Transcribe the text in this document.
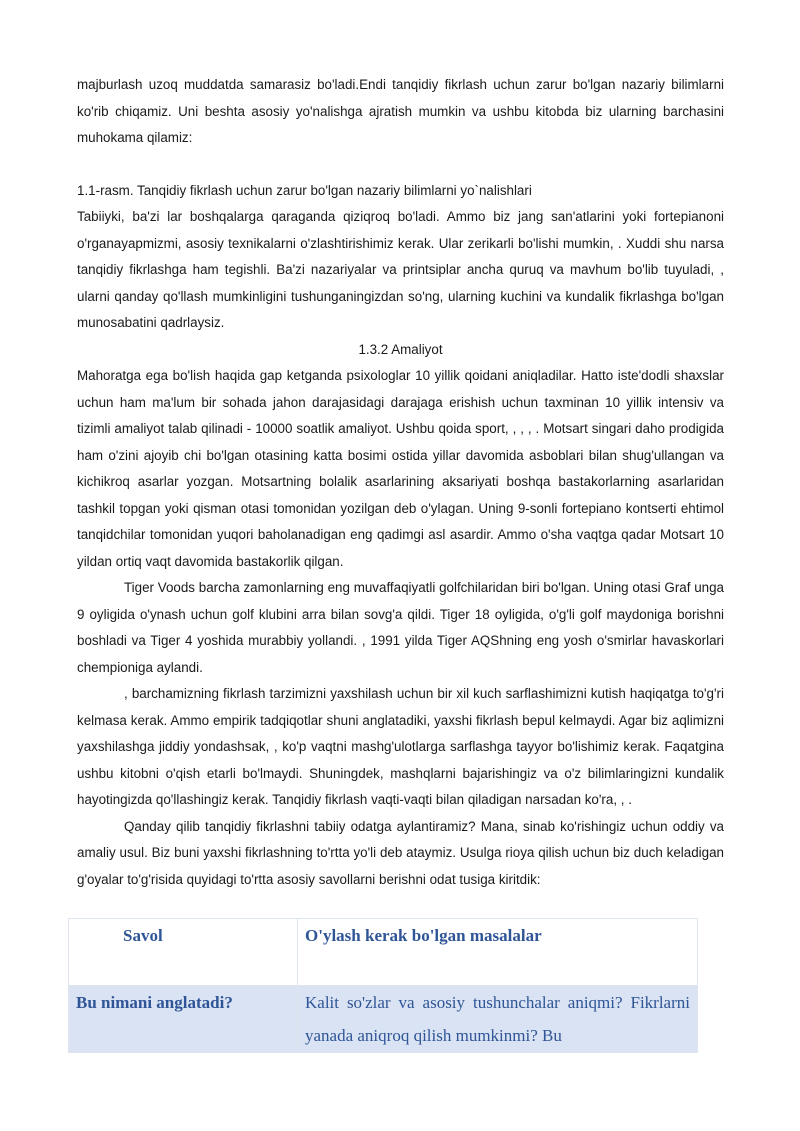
majburlash uzoq muddatda samarasiz bo'ladi.Endi tanqidiy fikrlash uchun zarur bo'lgan nazariy bilimlarni ko'rib chiqamiz. Uni beshta asosiy yo'nalishga ajratish mumkin va ushbu kitobda biz ularning barchasini muhokama qilamiz:

1.1-rasm. Tanqidiy fikrlash uchun zarur bo'lgan nazariy bilimlarni yo`nalishlari

Tabiiyki, ba'zi lar boshqalarga qaraganda qiziqroq bo'ladi. Ammo biz jang san'atlarini yoki fortepianoni o'rganayapmizmi, asosiy texnikalarni o'zlashtirishimiz kerak. Ular zerikarli bo'lishi mumkin, . Xuddi shu narsa tanqidiy fikrlashga ham tegishli. Ba'zi nazariyalar va printsiplar ancha quruq va mavhum bo'lib tuyuladi, , ularni qanday qo'llash mumkinligini tushunganingizdan so'ng, ularning kuchini va kundalik fikrlashga bo'lgan munosabatini qadrlaysiz.

1.3.2 Amaliyot

Mahoratga ega bo'lish haqida gap ketganda psixologlar 10 yillik qoidani aniqladilar. Hatto iste'dodli shaxslar uchun ham ma'lum bir sohada jahon darajasidagi darajaga erishish uchun taxminan 10 yillik intensiv va tizimli amaliyot talab qilinadi - 10000 soatlik amaliyot. Ushbu qoida sport, , , , . Motsart singari daho prodigida ham o'zini ajoyib chi bo'lgan otasining katta bosimi ostida yillar davomida asboblari bilan shug'ullangan va kichikroq asarlar yozgan. Motsartning bolalik asarlarining aksariyati boshqa bastakorlarning asarlaridan tashkil topgan yoki qisman otasi tomonidan yozilgan deb o'ylagan. Uning 9-sonli fortepiano kontserti ehtimol tanqidchilar tomonidan yuqori baholanadigan eng qadimgi asl asardir. Ammo o'sha vaqtga qadar Motsart 10 yildan ortiq vaqt davomida bastakorlik qilgan.

Tiger Voods barcha zamonlarning eng muvaffaqiyatli golfchilaridan biri bo'lgan. Uning otasi Graf unga 9 oyligida o'ynash uchun golf klubini arra bilan sovg'a qildi. Tiger 18 oyligida, o'g'li golf maydoniga borishni boshladi va Tiger 4 yoshida murabbiy yollandi. , 1991 yilda Tiger AQShning eng yosh o'smirlar havaskorlari chempioniga aylandi.

, barchamizning fikrlash tarzimizni yaxshilash uchun bir xil kuch sarflashimizni kutish haqiqatga to'g'ri kelmasa kerak. Ammo empirik tadqiqotlar shuni anglatadiki, yaxshi fikrlash bepul kelmaydi. Agar biz aqlimizni yaxshilashga jiddiy yondashsak, , ko'p vaqtni mashg'ulotlarga sarflashga tayyor bo'lishimiz kerak. Faqatgina ushbu kitobni o'qish etarli bo'lmaydi. Shuningdek, mashqlarni bajarishingiz va o'z bilimlaringizni kundalik hayotingizda qo'llashingiz kerak. Tanqidiy fikrlash vaqti-vaqti bilan qiladigan narsadan ko'ra, , .

Qanday qilib tanqidiy fikrlashni tabiiy odatga aylantiramiz? Mana, sinab ko'rishingiz uchun oddiy va amaliy usul. Biz buni yaxshi fikrlashning to'rtta yo'li deb ataymiz. Usulga rioya qilish uchun biz duch keladigan g'oyalar to'g'risida quyidagi to'rtta asosiy savollarni berishni odat tusiga kiritdik:

Savol	O'ylash kerak bo'lgan masalalar
Bu nimani anglatadi?	Kalit so'zlar va asosiy tushunchalar aniqmi? Fikrlarni yanada aniqroq qilish mumkinmi? Bu
